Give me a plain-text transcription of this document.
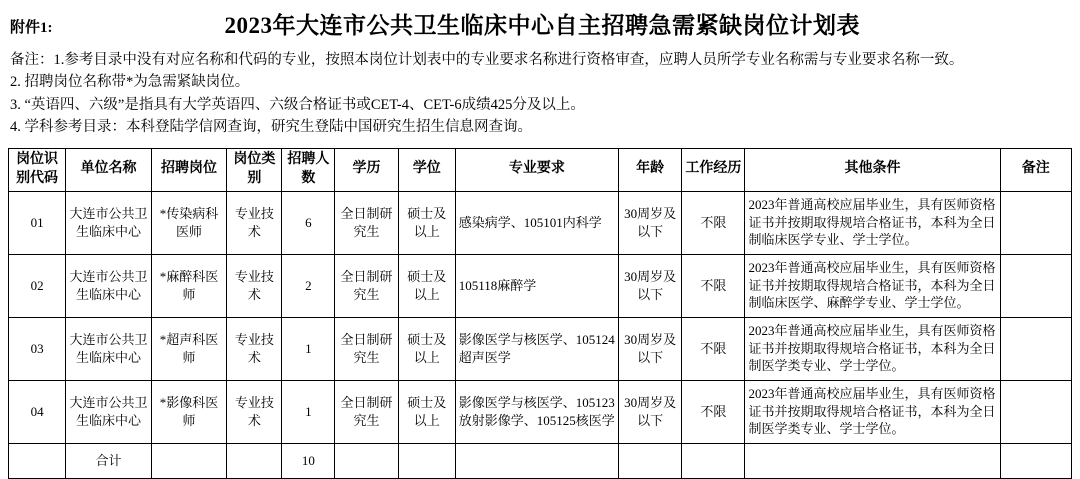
附件1:	2023年大连市公共卫生临床中心自主招聘急需紧缺岗位计划表
备注：1.参考目录中没有对应名称和代码的专业，按照本岗位计划表中的专业要求名称进行资格审查，应聘人员所学专业名称需与专业要求名称一致。
2. 招聘岗位名称带*为急需紧缺岗位。
3. “英语四、六级”是指具有大学英语四、六级合格证书或CET-4、CET-6成绩425分及以上。
4. 学科参考目录：本科登陆学信网查询，研究生登陆中国研究生招生信息网查询。
岗位识别代码	单位名称	招聘岗位	岗位类别	招聘人数	学历	学位	专业要求	年龄	工作经历	其他条件	备注
01	大连市公共卫生临床中心	*传染病科医师	专业技术	6	全日制研究生	硕士及以上	感染病学、105101内科学	30周岁及以下	不限	2023年普通高校应届毕业生，具有医师资格证书并按期取得规培合格证书，本科为全日制临床医学专业、学士学位。	
02	大连市公共卫生临床中心	*麻醉科医师	专业技术	2	全日制研究生	硕士及以上	105118麻醉学	30周岁及以下	不限	2023年普通高校应届毕业生，具有医师资格证书并按期取得规培合格证书，本科为全日制临床医学、麻醉学专业、学士学位。	
03	大连市公共卫生临床中心	*超声科医师	专业技术	1	全日制研究生	硕士及以上	影像医学与核医学、105124超声医学	30周岁及以下	不限	2023年普通高校应届毕业生，具有医师资格证书并按期取得规培合格证书，本科为全日制医学类专业、学士学位。	
04	大连市公共卫生临床中心	*影像科医师	专业技术	1	全日制研究生	硕士及以上	影像医学与核医学、105123放射影像学、105125核医学	30周岁及以下	不限	2023年普通高校应届毕业生，具有医师资格证书并按期取得规培合格证书，本科为全日制医学类专业、学士学位。	
	合计			10							
